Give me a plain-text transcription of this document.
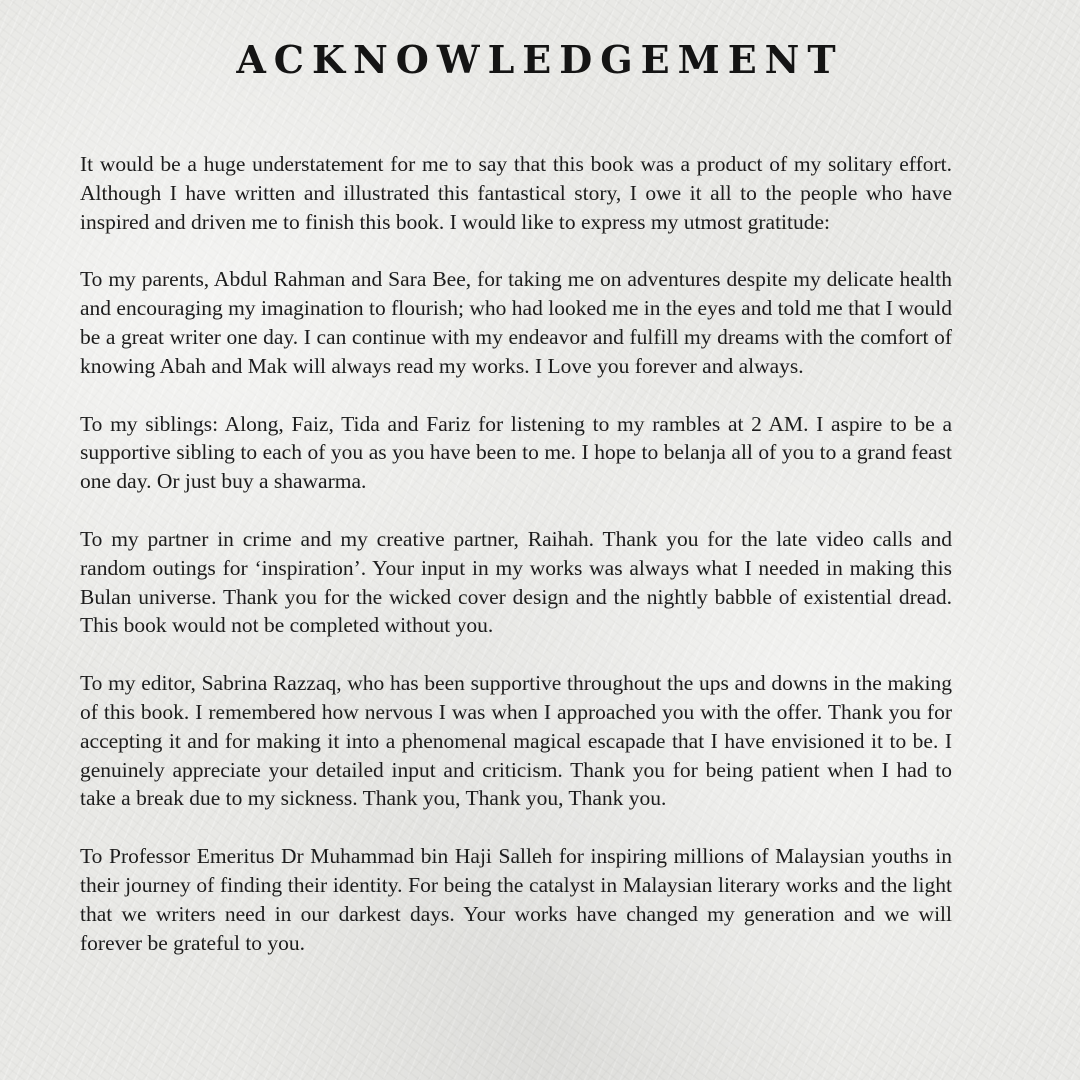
ACKNOWLEDGEMENT

It would be a huge understatement for me to say that this book was a product of my solitary effort. Although I have written and illustrated this fantastical story, I owe it all to the people who have inspired and driven me to finish this book. I would like to express my utmost gratitude:

To my parents, Abdul Rahman and Sara Bee, for taking me on adventures despite my delicate health and encouraging my imagination to flourish; who had looked me in the eyes and told me that I would be a great writer one day. I can continue with my endeavor and fulfill my dreams with the comfort of knowing Abah and Mak will always read my works. I Love you forever and always.

To my siblings: Along, Faiz, Tida and Fariz for listening to my rambles at 2 AM. I aspire to be a supportive sibling to each of you as you have been to me. I hope to belanja all of you to a grand feast one day. Or just buy a shawarma.

To my partner in crime and my creative partner, Raihah. Thank you for the late video calls and random outings for ‘inspiration’. Your input in my works was always what I needed in making this Bulan universe. Thank you for the wicked cover design and the nightly babble of existential dread. This book would not be completed without you.

To my editor, Sabrina Razzaq, who has been supportive throughout the ups and downs in the making of this book. I remembered how nervous I was when I approached you with the offer. Thank you for accepting it and for making it into a phenomenal magical escapade that I have envisioned it to be. I genuinely appreciate your detailed input and criticism. Thank you for being patient when I had to take a break due to my sickness. Thank you, Thank you, Thank you.

To Professor Emeritus Dr Muhammad bin Haji Salleh for inspiring millions of Malaysian youths in their journey of finding their identity. For being the catalyst in Malaysian literary works and the light that we writers need in our darkest days. Your works have changed my generation and we will forever be grateful to you.
